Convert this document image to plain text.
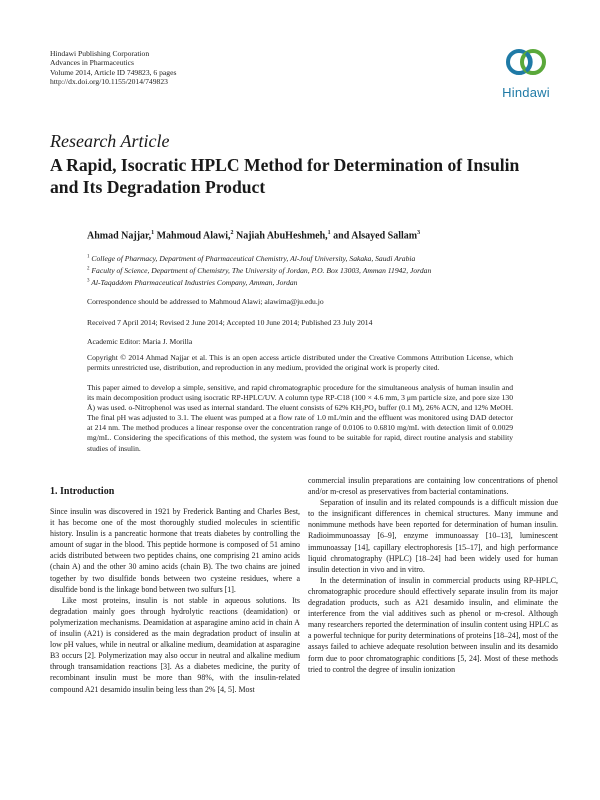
Hindawi Publishing Corporation
Advances in Pharmaceutics
Volume 2014, Article ID 749823, 6 pages
http://dx.doi.org/10.1155/2014/749823
Hindawi
Research Article
A Rapid, Isocratic HPLC Method for Determination of Insulin and Its Degradation Product
Ahmad Najjar,$^1$ Mahmoud Alawi,$^2$ Najiah AbuHeshmeh,$^1$ and Alsayed Sallam$^3$
$^1$ College of Pharmacy, Department of Pharmaceutical Chemistry, Al-Jouf University, Sakaka, Saudi Arabia
$^2$ Faculty of Science, Department of Chemistry, The University of Jordan, P.O. Box 13003, Amman 11942, Jordan
$^3$ Al-Taqaddom Pharmaceutical Industries Company, Amman, Jordan
Correspondence should be addressed to Mahmoud Alawi; alawima@ju.edu.jo
Received 7 April 2014; Revised 2 June 2014; Accepted 10 June 2014; Published 23 July 2014
Academic Editor: Maria J. Morilla
Copyright © 2014 Ahmad Najjar et al. This is an open access article distributed under the Creative Commons Attribution License, which permits unrestricted use, distribution, and reproduction in any medium, provided the original work is properly cited.
This paper aimed to develop a simple, sensitive, and rapid chromatographic procedure for the simultaneous analysis of human insulin and its main decomposition product using isocratic RP-HPLC/UV. A column type RP-C18 (100 × 4.6 mm, 3 μm particle size, and pore size 130 Å) was used. o-Nitrophenol was used as internal standard. The eluent consists of 62% KH₂PO₄ buffer (0.1 M), 26% ACN, and 12% MeOH. The final pH was adjusted to 3.1. The eluent was pumped at a flow rate of 1.0 mL/min and the effluent was monitored using DAD detector at 214 nm. The method produces a linear response over the concentration range of 0.0106 to 0.6810 mg/mL with detection limit of 0.0029 mg/mL. Considering the specifications of this method, the system was found to be suitable for rapid, direct routine analysis and stability studies of insulin.
1. Introduction

Since insulin was discovered in 1921 by Frederick Banting and Charles Best, it has become one of the most thoroughly studied molecules in scientific history. Insulin is a pancreatic hormone that treats diabetes by controlling the amount of sugar in the blood. This peptide hormone is composed of 51 amino acids distributed between two peptides chains, one comprising 21 amino acids (chain A) and the other 30 amino acids (chain B). The two chains are joined together by two disulfide bonds between two cysteine residues, where a disulfide bond is the linkage bond between two sulfurs [1].

Like most proteins, insulin is not stable in aqueous solutions. Its degradation mainly goes through hydrolytic reactions (deamidation) or polymerization mechanisms. Deamidation at asparagine amino acid in chain A of insulin (A21) is considered as the main degradation product of insulin at low pH values, while in neutral or alkaline medium, deamidation at asparagine B3 occurs [2]. Polymerization may also occur in neutral and alkaline medium through transamidation reactions [3]. As a diabetes medicine, the purity of recombinant insulin must be more than 98%, with the insulin-related compound A21 desamido insulin being less than 2% [4, 5]. Most

commercial insulin preparations are containing low concentrations of phenol and/or m-cresol as preservatives from bacterial contaminations.

Separation of insulin and its related compounds is a difficult mission due to the insignificant differences in chemical structures. Many immune and nonimmune methods have been reported for determination of human insulin. Radioimmunoassay [6–9], enzyme immunoassay [10–13], luminescent immunoassay [14], capillary electrophoresis [15–17], and high performance liquid chromatography (HPLC) [18–24] had been widely used for human insulin detection in vivo and in vitro.

In the determination of insulin in commercial products using RP-HPLC, chromatographic procedure should effectively separate insulin from its major degradation products, such as A21 desamido insulin, and eliminate the interference from the vial additives such as phenol or m-cresol. Although many researchers reported the determination of insulin content using HPLC as a powerful technique for purity determinations of proteins [18–24], most of the assays failed to achieve adequate resolution between insulin and its desamido form due to poor chromatographic conditions [5, 24]. Most of these methods tried to control the degree of insulin ionization
